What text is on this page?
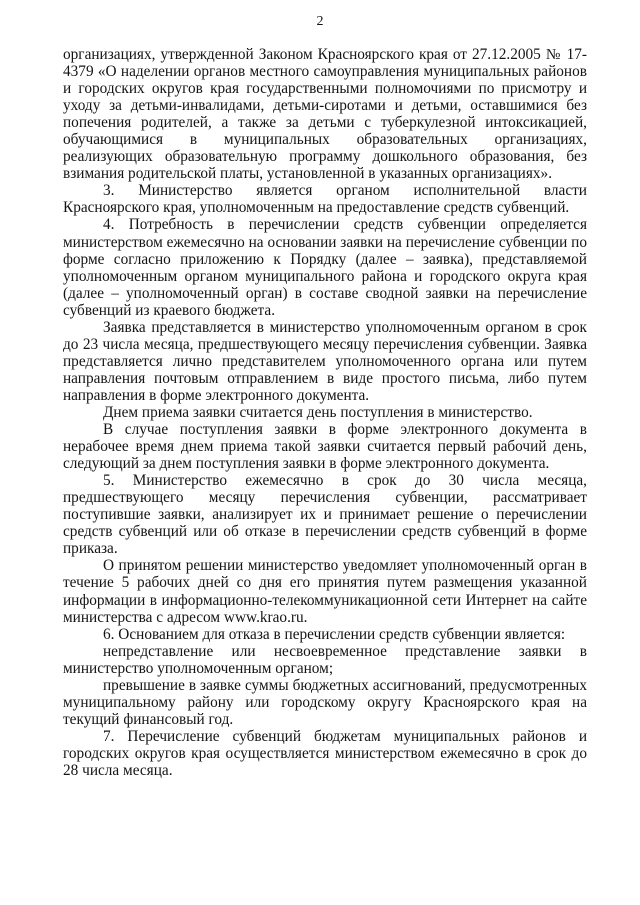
2

организациях, утвержденной Законом Красноярского края от 27.12.2005 № 17-4379 «О наделении органов местного самоуправления муниципальных районов и городских округов края государственными полномочиями по присмотру и уходу за детьми-инвалидами, детьми-сиротами и детьми, оставшимися без попечения родителей, а также за детьми с туберкулезной интоксикацией, обучающимися в муниципальных образовательных организациях, реализующих образовательную программу дошкольного образования, без взимания родительской платы, установленной в указанных организациях».

3. Министерство является органом исполнительной власти Красноярского края, уполномоченным на предоставление средств субвенций.

4. Потребность в перечислении средств субвенции определяется министерством ежемесячно на основании заявки на перечисление субвенции по форме согласно приложению к Порядку (далее – заявка), представляемой уполномоченным органом муниципального района и городского округа края (далее – уполномоченный орган) в составе сводной заявки на перечисление субвенций из краевого бюджета.

Заявка представляется в министерство уполномоченным органом в срок до 23 числа месяца, предшествующего месяцу перечисления субвенции. Заявка представляется лично представителем уполномоченного органа или путем направления почтовым отправлением в виде простого письма, либо путем направления в форме электронного документа.

Днем приема заявки считается день поступления в министерство.

В случае поступления заявки в форме электронного документа в нерабочее время днем приема такой заявки считается первый рабочий день, следующий за днем поступления заявки в форме электронного документа.

5. Министерство ежемесячно в срок до 30 числа месяца, предшествующего месяцу перечисления субвенции, рассматривает поступившие заявки, анализирует их и принимает решение о перечислении средств субвенций или об отказе в перечислении средств субвенций в форме приказа.

О принятом решении министерство уведомляет уполномоченный орган в течение 5 рабочих дней со дня его принятия путем размещения указанной информации в информационно-телекоммуникационной сети Интернет на сайте министерства с адресом www.krao.ru.

6. Основанием для отказа в перечислении средств субвенции является:

непредставление или несвоевременное представление заявки в министерство уполномоченным органом;

превышение в заявке суммы бюджетных ассигнований, предусмотренных муниципальному району или городскому округу Красноярского края на текущий финансовый год.

7. Перечисление субвенций бюджетам муниципальных районов и городских округов края осуществляется министерством ежемесячно в срок до 28 числа месяца.
